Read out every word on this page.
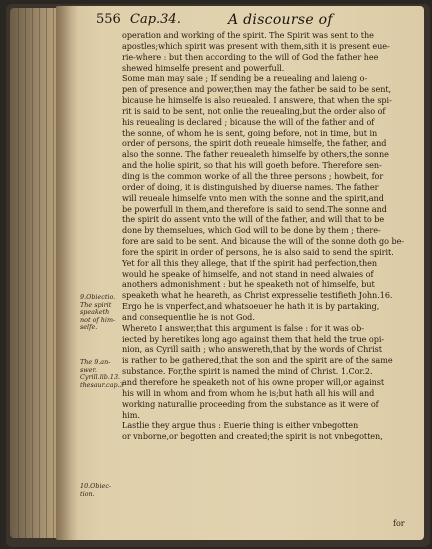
556 Cap.34.	A discourse of
operation and working of the spirit. The Spirit was sent to the
apostles;which spirit was present with them,sith it is present eue-
rie-where : but then according to the will of God the father hee
shewed himselfe present and powerfull.
Some man may saie ; If sending be a reuealing and laieng o-
pen of presence and power,then may the father be said to be sent,
bicause he himselfe is also reuealed. I answere, that when the spi-
rit is said to be sent, not onlie the reuealing,but the order also of
his reuealing is declared ; bicause the will of the father and of
the sonne, of whom he is sent, going before, not in time, but in
order of persons, the spirit doth reueale himselfe, the father, and
also the sonne. The father reuealeth himselfe by others,the sonne
and the holie spirit, so that his will goeth before. Therefore sen-
ding is the common worke of all the three persons ; howbeit, for
order of doing, it is distinguished by diuerse names. The father
will reueale himselfe vnto men with the sonne and the spirit,and
be powerfull in them,and therefore is said to send.The sonne and
the spirit do assent vnto the will of the father, and will that to be
done by themselues, which God will to be done by them ; there-
fore are said to be sent. And bicause the will of the sonne doth go be-
fore the spirit in order of persons, he is also said to send the spirit.
Yet for all this they allege, that if the spirit had perfection,then
would he speake of himselfe, and not stand in need alwaies of
anothers admonishment : but he speaketh not of himselfe, but
speaketh what he heareth, as Christ expresselie testifieth John.16.
Ergo he is vnperfect,and whatsoeuer he hath it is by partaking,
and consequentlie he is not God.
Whereto I answer,that this argument is false : for it was ob-
iected by heretikes long ago against them that held the true opi-
nion, as Cyrill saith ; who answereth,that by the words of Christ
is rather to be gathered,that the son and the spirit are of the same
substance. For,the spirit is named the mind of Christ. 1.Cor.2.
and therefore he speaketh not of his owne proper will,or against
his will in whom and from whom he is;but hath all his will and
working naturallie proceeding from the substance as it were of
him.
Lastlie they argue thus : Euerie thing is either vnbegotten
or vnborne,or begotten and created;the spirit is not vnbegotten,
9.Obiectio.
The spirit
speaketh
not of him-
selfe.
The 9.an-
swer.
Cyrill.lib.13.
thesaur.cap.3
10.Obiec-
tion.
for
